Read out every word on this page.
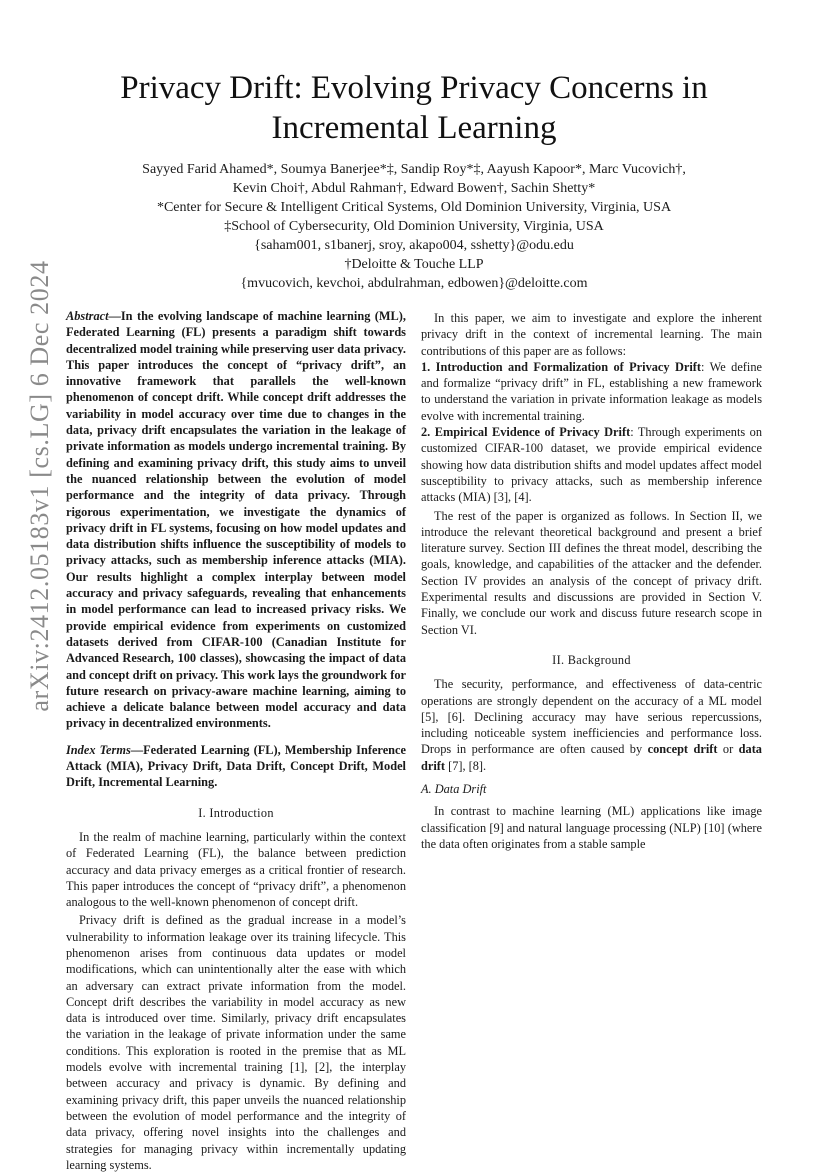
arXiv:2412.05183v1 [cs.LG] 6 Dec 2024
Privacy Drift: Evolving Privacy Concerns in
Incremental Learning
Sayyed Farid Ahamed*, Soumya Banerjee*‡, Sandip Roy*‡, Aayush Kapoor*, Marc Vucovich†,
Kevin Choi†, Abdul Rahman†, Edward Bowen†, Sachin Shetty*
*Center for Secure & Intelligent Critical Systems, Old Dominion University, Virginia, USA
‡School of Cybersecurity, Old Dominion University, Virginia, USA
{saham001, s1banerj, sroy, akapo004, sshetty}@odu.edu
†Deloitte & Touche LLP
{mvucovich, kevchoi, abdulrahman, edbowen}@deloitte.com

Abstract—In the evolving landscape of machine learning (ML), Federated Learning (FL) presents a paradigm shift towards decentralized model training while preserving user data privacy. This paper introduces the concept of “privacy drift”, an innovative framework that parallels the well-known phenomenon of concept drift. While concept drift addresses the variability in model accuracy over time due to changes in the data, privacy drift encapsulates the variation in the leakage of private information as models undergo incremental training. By defining and examining privacy drift, this study aims to unveil the nuanced relationship between the evolution of model performance and the integrity of data privacy. Through rigorous experimentation, we investigate the dynamics of privacy drift in FL systems, focusing on how model updates and data distribution shifts influence the susceptibility of models to privacy attacks, such as membership inference attacks (MIA). Our results highlight a complex interplay between model accuracy and privacy safeguards, revealing that enhancements in model performance can lead to increased privacy risks. We provide empirical evidence from experiments on customized datasets derived from CIFAR-100 (Canadian Institute for Advanced Research, 100 classes), showcasing the impact of data and concept drift on privacy. This work lays the groundwork for future research on privacy-aware machine learning, aiming to achieve a delicate balance between model accuracy and data privacy in decentralized environments.

Index Terms—Federated Learning (FL), Membership Inference Attack (MIA), Privacy Drift, Data Drift, Concept Drift, Model Drift, Incremental Learning.

I. Introduction

In the realm of machine learning, particularly within the context of Federated Learning (FL), the balance between prediction accuracy and data privacy emerges as a critical frontier of research. This paper introduces the concept of “privacy drift”, a phenomenon analogous to the well-known phenomenon of concept drift.

Privacy drift is defined as the gradual increase in a model’s vulnerability to information leakage over its training lifecycle. This phenomenon arises from continuous data updates or model modifications, which can unintentionally alter the ease with which an adversary can extract private information from the model. Concept drift describes the variability in model accuracy as new data is introduced over time. Similarly, privacy drift encapsulates the variation in the leakage of private information under the same conditions. This exploration is rooted in the premise that as ML models evolve with incremental training [1], [2], the interplay between accuracy and privacy is dynamic. By defining and examining privacy drift, this paper unveils the nuanced relationship between the evolution of model performance and the integrity of data privacy, offering novel insights into the challenges and strategies for managing privacy within incrementally updating learning systems.

In this paper, we aim to investigate and explore the inherent privacy drift in the context of incremental learning. The main contributions of this paper are as follows:

1. Introduction and Formalization of Privacy Drift: We define and formalize “privacy drift” in FL, establishing a new framework to understand the variation in private information leakage as models evolve with incremental training.

2. Empirical Evidence of Privacy Drift: Through experiments on customized CIFAR-100 dataset, we provide empirical evidence showing how data distribution shifts and model updates affect model susceptibility to privacy attacks, such as membership inference attacks (MIA) [3], [4].

The rest of the paper is organized as follows. In Section II, we introduce the relevant theoretical background and present a brief literature survey. Section III defines the threat model, describing the goals, knowledge, and capabilities of the attacker and the defender. Section IV provides an analysis of the concept of privacy drift. Experimental results and discussions are provided in Section V. Finally, we conclude our work and discuss future research scope in Section VI.

II. Background

The security, performance, and effectiveness of data-centric operations are strongly dependent on the accuracy of a ML model [5], [6]. Declining accuracy may have serious repercussions, including noticeable system inefficiencies and performance loss. Drops in performance are often caused by concept drift or data drift [7], [8].

A. Data Drift

In contrast to machine learning (ML) applications like image classification [9] and natural language processing (NLP) [10] (where the data often originates from a stable sample
